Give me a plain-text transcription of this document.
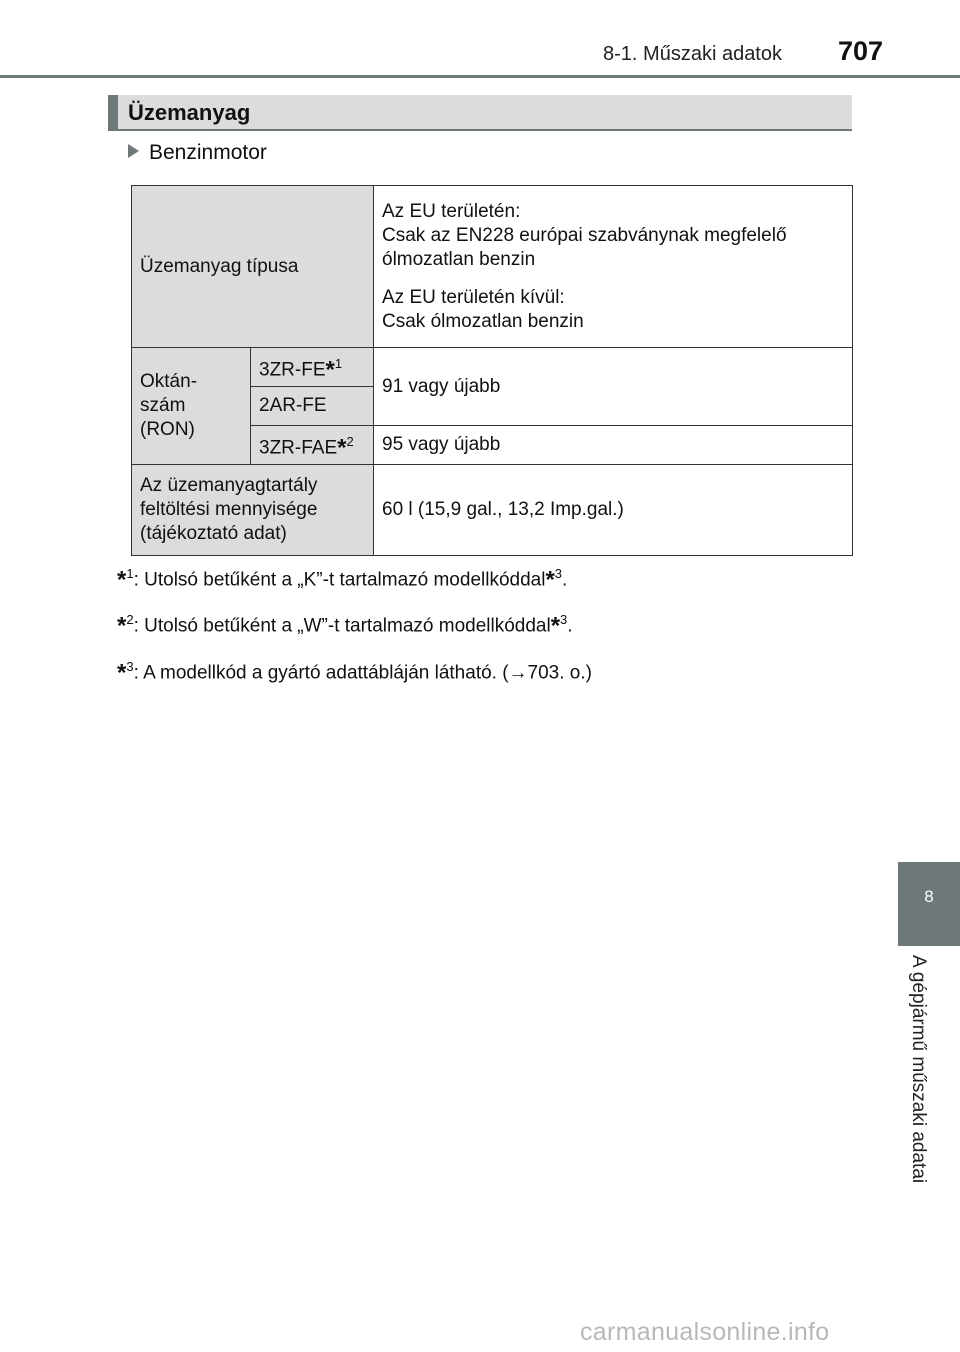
8-1. Műszaki adatok 707
8
A gépjármű műszaki adatai
Üzemanyag
Benzinmotor
Üzemanyag típusa		Az EU területén:
Csak az EN228 európai szabványnak megfelelő ólmozatlan benzin

Az EU területén kívül:
Csak ólmozatlan benzin

Oktán-szám (RON)	3ZR-FE*$^1$	91 vagy újabb
	2AR-FE	
	3ZR-FAE*$^2$	95 vagy újabb
Az üzemanyagtartály feltöltési mennyisége (tájékoztató adat)		60 l (15,9 gal., 13,2 Imp.gal.)

*$^1$: Utolsó betűként a „K”-t tartalmazó modellkóddal*$^3$.

*$^2$: Utolsó betűként a „W”-t tartalmazó modellkóddal*$^3$.

*$^3$: A modellkód a gyártó adattábláján látható. (→703. o.)

carmanualsonline.info
